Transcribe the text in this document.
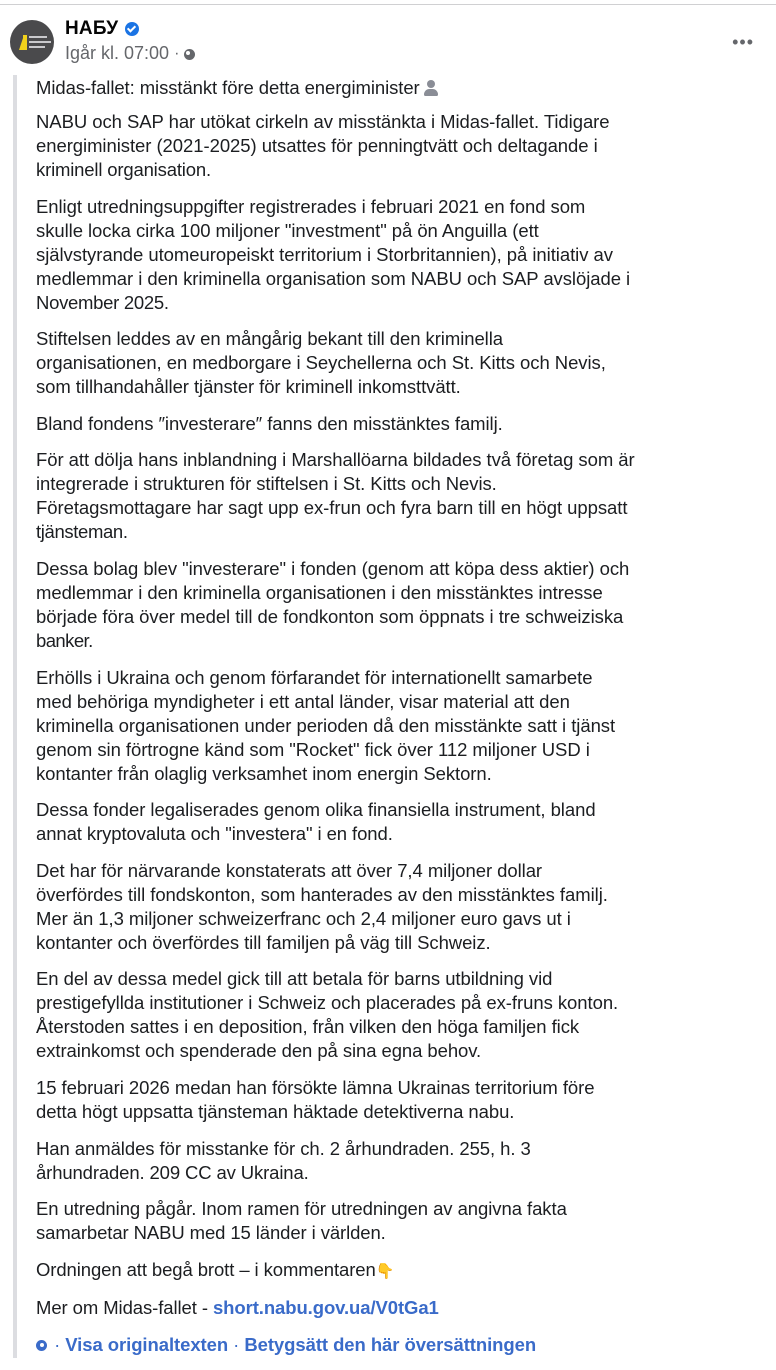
НАБУ
Igår kl. 07:00 ·
•••
Midas-fallet: misstänkt före detta energiminister
NABU och SAP har utökat cirkeln av misstänkta i Midas-fallet. Tidigare
energiminister (2021-2025) utsattes för penningtvätt och deltagande i
kriminell organisation.
Enligt utredningsuppgifter registrerades i februari 2021 en fond som
skulle locka cirka 100 miljoner "investment" på ön Anguilla (ett
självstyrande utomeuropeiskt territorium i Storbritannien), på initiativ av
medlemmar i den kriminella organisation som NABU och SAP avslöjade i
November 2025.
Stiftelsen leddes av en mångårig bekant till den kriminella
organisationen, en medborgare i Seychellerna och St. Kitts och Nevis,
som tillhandahåller tjänster för kriminell inkomsttvätt.
Bland fondens ″investerare″ fanns den misstänktes familj.
För att dölja hans inblandning i Marshallöarna bildades två företag som är
integrerade i strukturen för stiftelsen i St. Kitts och Nevis.
Företagsmottagare har sagt upp ex-frun och fyra barn till en högt uppsatt
tjänsteman.
Dessa bolag blev "investerare" i fonden (genom att köpa dess aktier) och
medlemmar i den kriminella organisationen i den misstänktes intresse
började föra över medel till de fondkonton som öppnats i tre schweiziska
banker.
Erhölls i Ukraina och genom förfarandet för internationellt samarbete
med behöriga myndigheter i ett antal länder, visar material att den
kriminella organisationen under perioden då den misstänkte satt i tjänst
genom sin förtrogne känd som "Rocket" fick över 112 miljoner USD i
kontanter från olaglig verksamhet inom energin Sektorn.
Dessa fonder legaliserades genom olika finansiella instrument, bland
annat kryptovaluta och "investera" i en fond.
Det har för närvarande konstaterats att över 7,4 miljoner dollar
överfördes till fondskonton, som hanterades av den misstänktes familj.
Mer än 1,3 miljoner schweizerfranc och 2,4 miljoner euro gavs ut i
kontanter och överfördes till familjen på väg till Schweiz.
En del av dessa medel gick till att betala för barns utbildning vid
prestigefyllda institutioner i Schweiz och placerades på ex-fruns konton.
Återstoden sattes i en deposition, från vilken den höga familjen fick
extrainkomst och spenderade den på sina egna behov.
15 februari 2026 medan han försökte lämna Ukrainas territorium före
detta högt uppsatta tjänsteman häktade detektiverna nabu.
Han anmäldes för misstanke för ch. 2 århundraden. 255, h. 3
århundraden. 209 CC av Ukraina.
En utredning pågår. Inom ramen för utredningen av angivna fakta
samarbetar NABU med 15 länder i världen.
Ordningen att begå brott – i kommentaren👇
Mer om Midas-fallet - short.nabu.gov.ua/V0tGa1
· Visa originaltexten · Betygsätt den här översättningen
